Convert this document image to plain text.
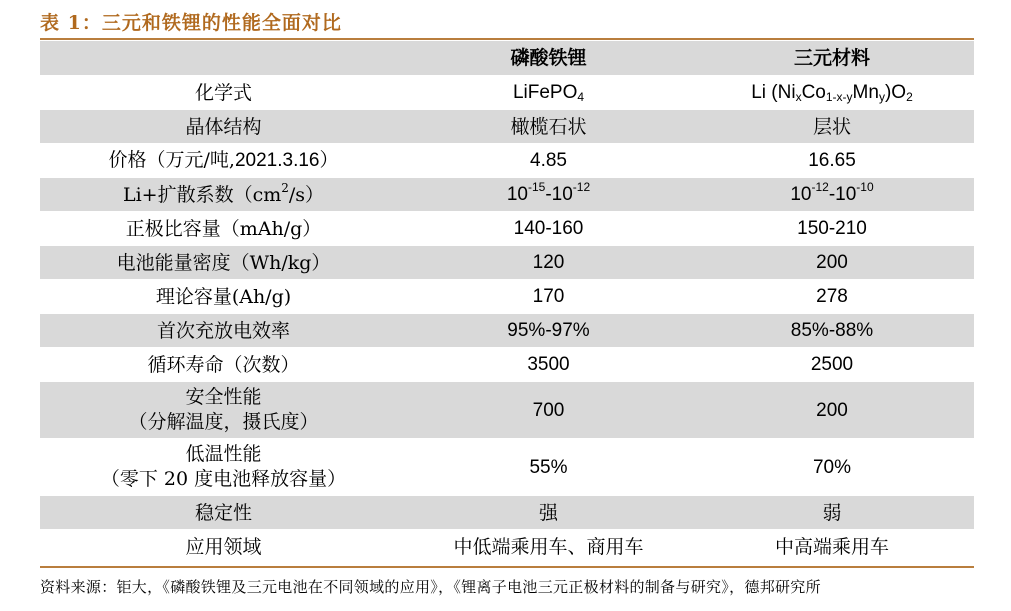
表 1：三元和铁锂的性能全面对比
	磷酸铁锂	三元材料
化学式	LiFePO$_4$	Li $(Ni_xCo_{1-x-y}Mn_y)O_2$
晶体结构	橄榄石状	层状
价格（万元/吨,2021.3.16）	4.85	16.65
Li+扩散系数$(cm^2/s)$	$10^{-15}-10^{-12}$	$10^{-12}-10^{-10}$
正极比容量（mAh/g）	140-160	150-210
电池能量密度（Wh/kg）	120	200
理论容量(Ah/g)	170	278
首次充放电效率	95%-97%	85%-88%
循环寿命（次数）	3500	2500
安全性能
（分解温度，摄氏度）	700	200
低温性能
（零下 20 度电池释放容量）	55%	70%
稳定性	强	弱
应用领域	中低端乘用车、商用车	中高端乘用车
资料来源：钜大，《磷酸铁锂及三元电池在不同领域的应用》，《锂离子电池三元正极材料的制备与研究》，德邦研究所
